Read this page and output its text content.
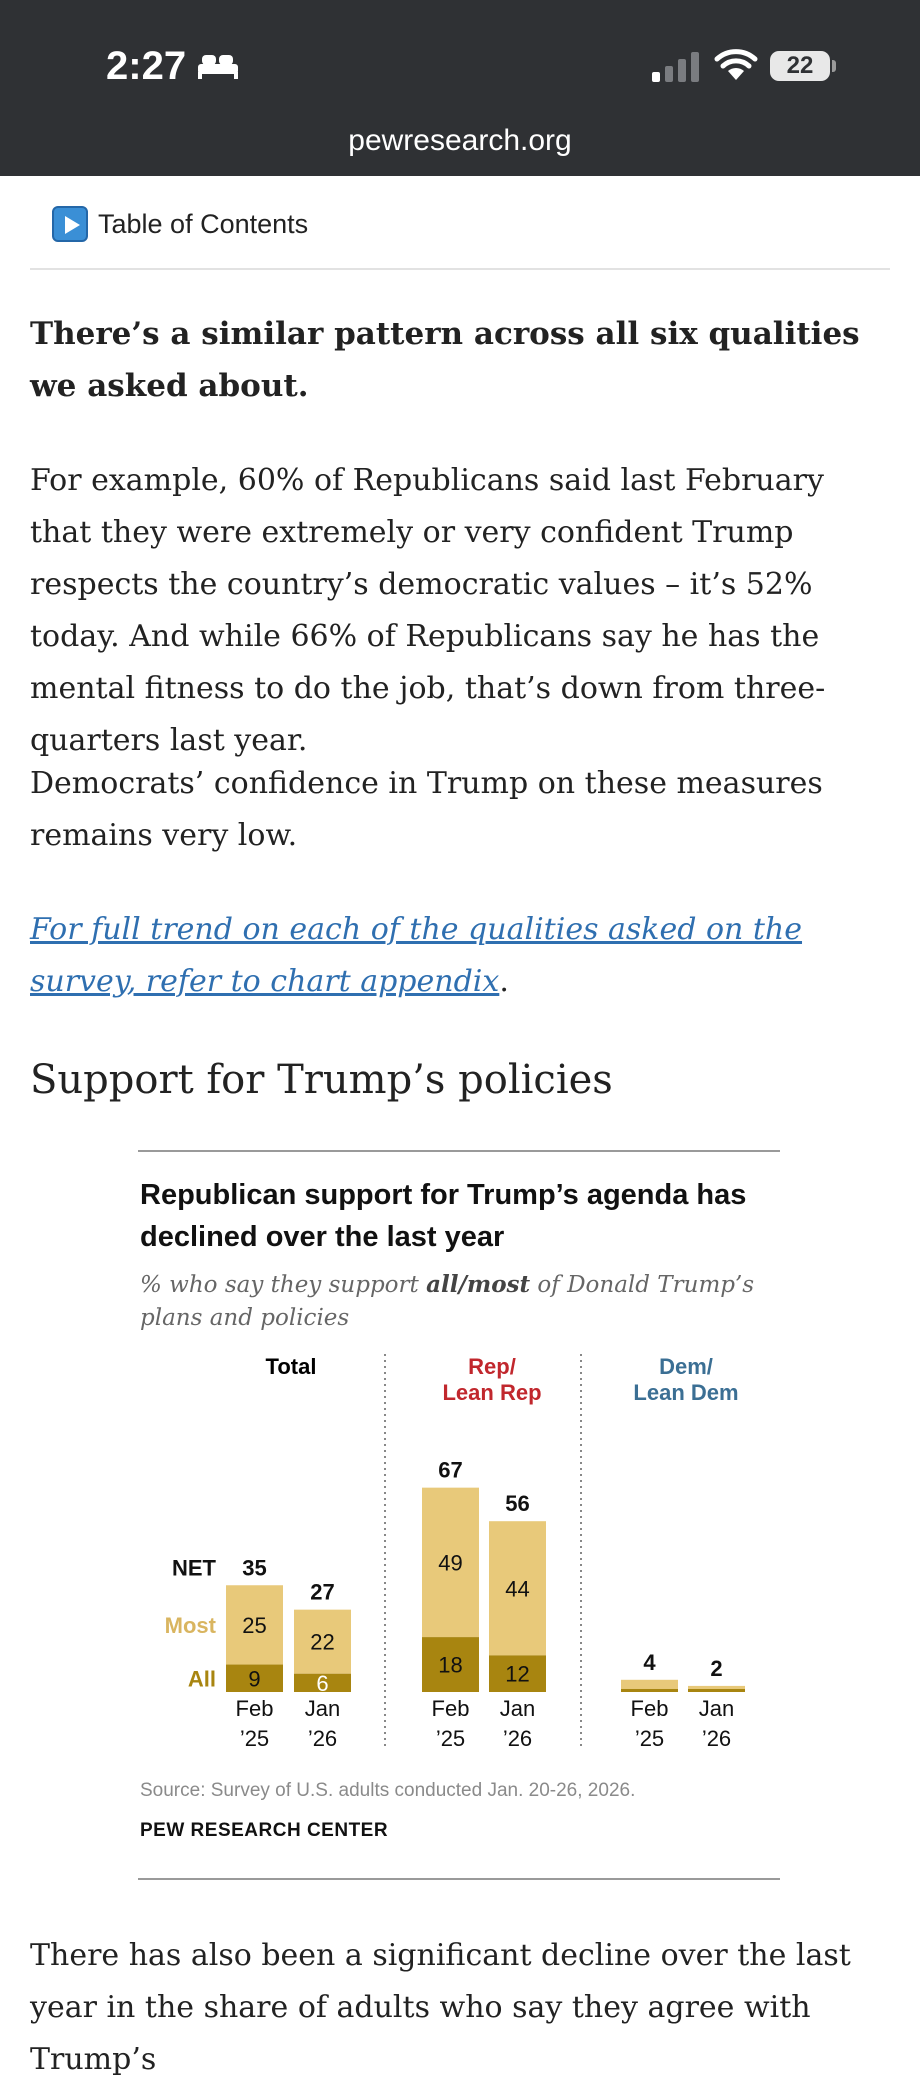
2:27	22
pewresearch.org
Table of Contents
There’s a similar pattern across all six qualities we asked about.
For example, 60% of Republicans said last February that they were extremely or very confident Trump respects the country’s democratic values – it’s 52% today. And while 66% of Republicans say he has the mental fitness to do the job, that’s down from three-quarters last year.
Democrats’ confidence in Trump on these measures remains very low.
For full trend on each of the qualities asked on the survey, refer to chart appendix.
Support for Trump’s policies
Republican support for Trump’s agenda has declined over the last year
% who say they support all/most of Donald Trump’s plans and policies
Total
35
25
9
Feb
’25
27
22
6
Jan
’26
Rep/
Lean Rep
67
49
18
Feb
’25
56
44
12
Jan
’26
Dem/
Lean Dem
4
Feb
’25
2
Jan
’26
NET
Most
All
Source: Survey of U.S. adults conducted Jan. 20-26, 2026.
PEW RESEARCH CENTER
There has also been a significant decline over the last year in the share of adults who say they agree with Trump’s
